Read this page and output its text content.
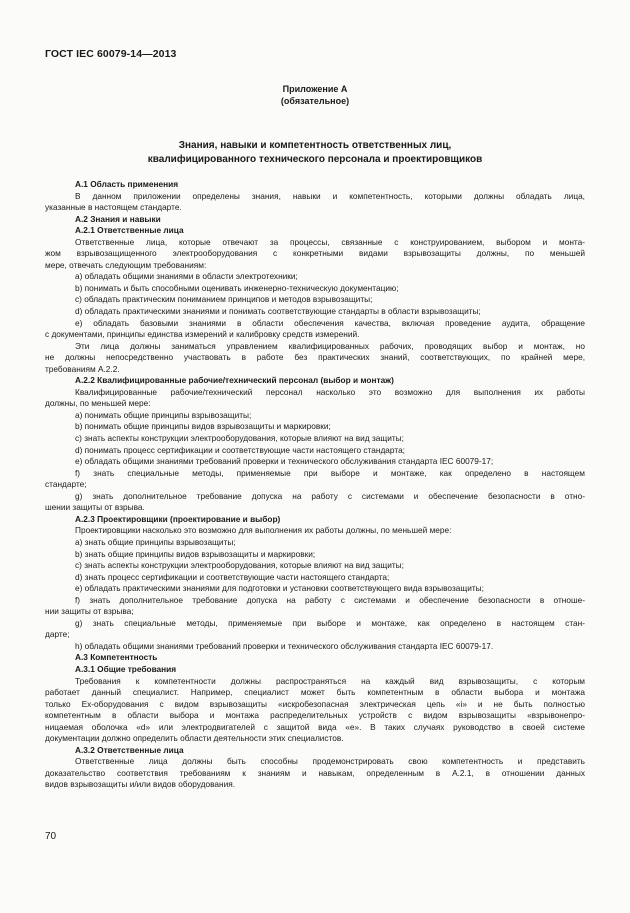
ГОСТ IEC 60079-14—2013
Приложение А
(обязательное)
Знания, навыки и компетентность ответственных лиц,
квалифицированного технического персонала и проектировщиков
А.1 Область применения
В данном приложении определены знания, навыки и компетентность, которыми должны обладать лица,
указанные в настоящем стандарте.
А.2 Знания и навыки
А.2.1 Ответственные лица
Ответственные лица, которые отвечают за процессы, связанные с конструированием, выбором и монта-
жом взрывозащищенного электрооборудования с конкретными видами взрывозащиты должны, по меньшей
мере, отвечать следующим требованиям:
а) обладать общими знаниями в области электротехники;
b) понимать и быть способными оценивать инженерно-техническую документацию;
c) обладать практическим пониманием принципов и методов взрывозащиты;
d) обладать практическими знаниями и понимать соответствующие стандарты в области взрывозащиты;
e) обладать базовыми знаниями в области обеспечения качества, включая проведение аудита, обращение
с документами, принципы единства измерений и калибровку средств измерений.
Эти лица должны заниматься управлением квалифицированных рабочих, проводящих выбор и монтаж, но
не должны непосредственно участвовать в работе без практических знаний, соответствующих, по крайней мере,
требованиям А.2.2.
А.2.2 Квалифицированные рабочие/технический персонал (выбор и монтаж)
Квалифицированные рабочие/технический персонал насколько это возможно для выполнения их работы
должны, по меньшей мере:
а) понимать общие принципы взрывозащиты;
b) понимать общие принципы видов взрывозащиты и маркировки;
c) знать аспекты конструкции электрооборудования, которые влияют на вид защиты;
d) понимать процесс сертификации и соответствующие части настоящего стандарта;
e) обладать общими знаниями требований проверки и технического обслуживания стандарта IEC 60079-17;
f) знать специальные методы, применяемые при выборе и монтаже, как определено в настоящем
стандарте;
g) знать дополнительное требование допуска на работу с системами и обеспечение безопасности в отно-
шении защиты от взрыва.
А.2.3 Проектировщики (проектирование и выбор)
Проектировщики насколько это возможно для выполнения их работы должны, по меньшей мере:
а) знать общие принципы взрывозащиты;
b) знать общие принципы видов взрывозащиты и маркировки;
c) знать аспекты конструкции электрооборудования, которые влияют на вид защиты;
d) знать процесс сертификации и соответствующие части настоящего стандарта;
e) обладать практическими знаниями для подготовки и установки соответствующего вида взрывозащиты;
f) знать дополнительное требование допуска на работу с системами и обеспечение безопасности в отноше-
нии защиты от взрыва;
g) знать специальные методы, применяемые при выборе и монтаже, как определено в настоящем стан-
дарте;
h) обладать общими знаниями требований проверки и технического обслуживания стандарта IEC 60079-17.
А.3 Компетентность
А.3.1 Общие требования
Требования к компетентности должны распространяться на каждый вид взрывозащиты, с которым
работает данный специалист. Например, специалист может быть компетентным в области выбора и монтажа
только Ех-оборудования с видом взрывозащиты «искробезопасная электрическая цепь «i» и не быть полностью
компетентным в области выбора и монтажа распределительных устройств с видом взрывозащиты «взрывонепро-
ницаемая оболочка «d» или электродвигателей с защитой вида «е». В таких случаях руководство в своей системе
документации должно определить области деятельности этих специалистов.
А.3.2 Ответственные лица
Ответственные лица должны быть способны продемонстрировать свою компетентность и представить
доказательство соответствия требованиям к знаниям и навыкам, определенным в А.2.1, в отношении данных
видов взрывозащиты и/или видов оборудования.
70
